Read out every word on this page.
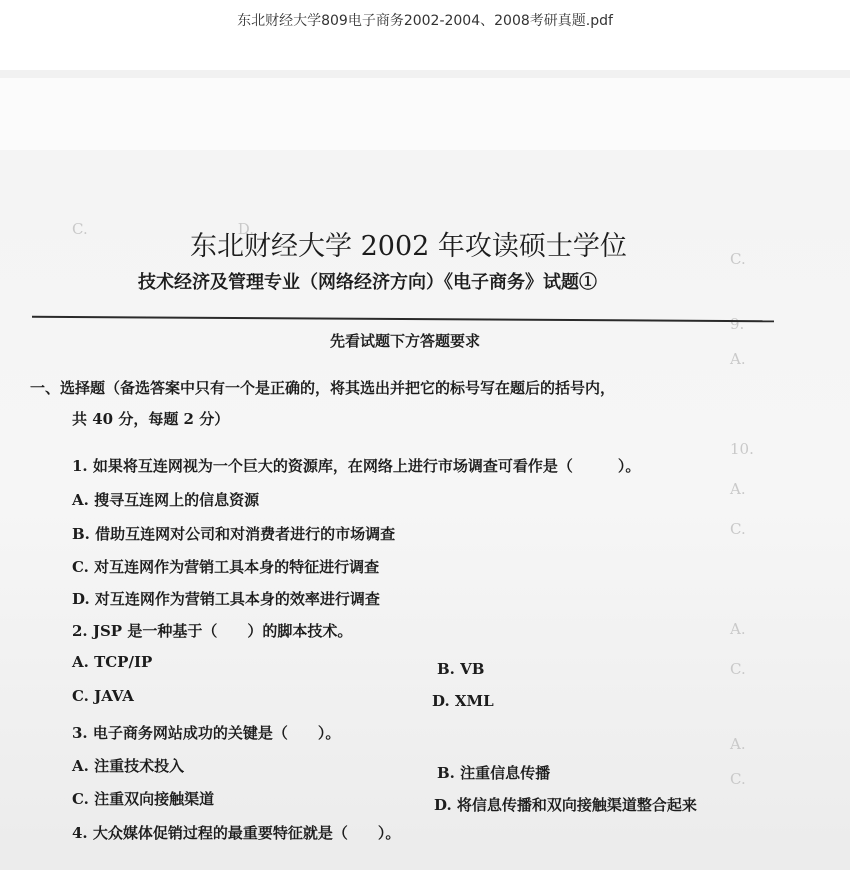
东北财经大学809电子商务2002-2004、2008考研真题.pdf
C.　　　　　　　　　　D.
C.
9.
A.
10.
A.
C.
A.
C.
A.
C.
东北财经大学 2002 年攻读硕士学位
技术经济及管理专业（网络经济方向）《电子商务》试题①
先看试题下方答题要求
一、选择题（备选答案中只有一个是正确的，将其选出并把它的标号写在题后的括号内，
共 40 分，每题 2 分）
1. 如果将互连网视为一个巨大的资源库，在网络上进行市场调查可看作是（　　　）。
A. 搜寻互连网上的信息资源
B. 借助互连网对公司和对消费者进行的市场调查
C. 对互连网作为营销工具本身的特征进行调查
D. 对互连网作为营销工具本身的效率进行调查
2. JSP 是一种基于（　　）的脚本技术。
A. TCP/IP	B. VB
C. JAVA	D. XML
3. 电子商务网站成功的关键是（　　）。
A. 注重技术投入	B. 注重信息传播
C. 注重双向接触渠道	D. 将信息传播和双向接触渠道整合起来
4. 大众媒体促销过程的最重要特征就是（　　）。
